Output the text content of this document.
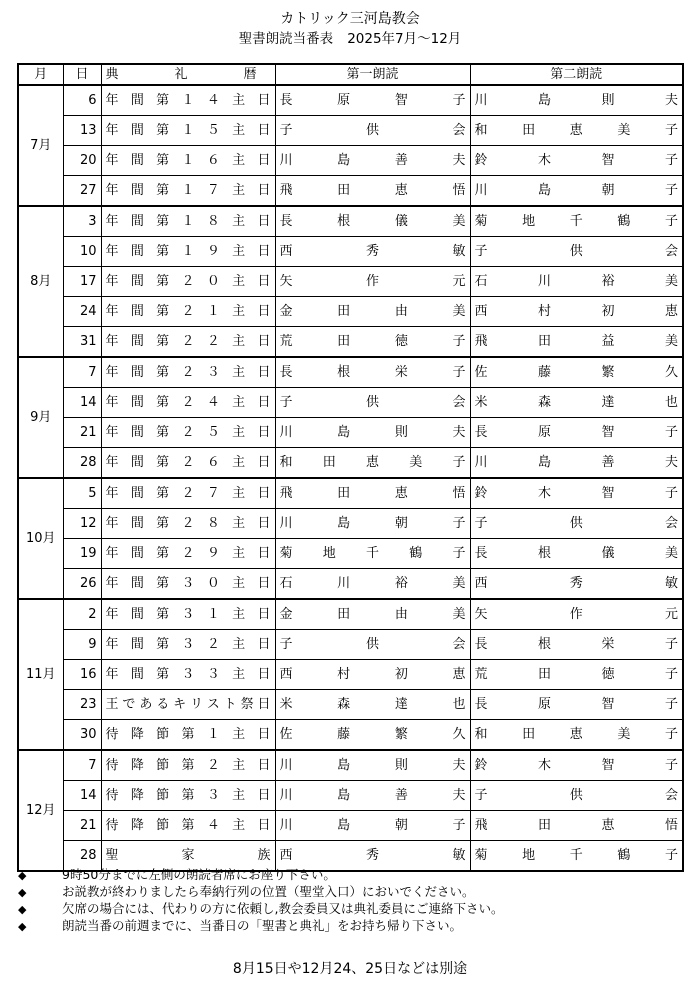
カトリック三河島教会
聖書朗読当番表 2025年7月〜12月
月	日	典　礼　暦	第一朗読	第二朗読
7月	6	年間第１４主日	長原智子	川島則夫
	13	年間第１５主日	子供会	和田恵美子
	20	年間第１６主日	川島善夫	鈴木智子
	27	年間第１７主日	飛田恵悟	川島朝子
8月	3	年間第１８主日	長根儀美	菊地千鶴子
	10	年間第１９主日	西秀敏	子供会
	17	年間第２０主日	矢作元	石川裕美
	24	年間第２１主日	金田由美	西村初恵
	31	年間第２２主日	荒田徳子	飛田益美
9月	7	年間第２３主日	長根栄子	佐藤繁久
	14	年間第２４主日	子供会	米森達也
	21	年間第２５主日	川島則夫	長原智子
	28	年間第２６主日	和田恵美子	川島善夫
10月	5	年間第２７主日	飛田恵悟	鈴木智子
	12	年間第２８主日	川島朝子	子供会
	19	年間第２９主日	菊地千鶴子	長根儀美
	26	年間第３０主日	石川裕美	西秀敏
11月	2	年間第３１主日	金田由美	矢作元
	9	年間第３２主日	子供会	長根栄子
	16	年間第３３主日	西村初恵	荒田徳子
	23	王であるキリスト祭日	米森達也	長原智子
	30	待降節第１主日	佐藤繁久	和田恵美子
12月	7	待降節第２主日	川島則夫	鈴木智子
	14	待降節第３主日	川島善夫	子供会
	21	待降節第４主日	川島朝子	飛田恵悟
	28	聖家族	西秀敏	菊地千鶴子
◆	9時50分までに左側の朗読者席にお座り下さい。
◆	お説教が終わりましたら奉納行列の位置（聖堂入口）においでください。
◆	欠席の場合には、代わりの方に依頼し,教会委員又は典礼委員にご連絡下さい。
◆	朗読当番の前週までに、当番日の「聖書と典礼」をお持ち帰り下さい。
8月15日や12月24、25日などは別途
